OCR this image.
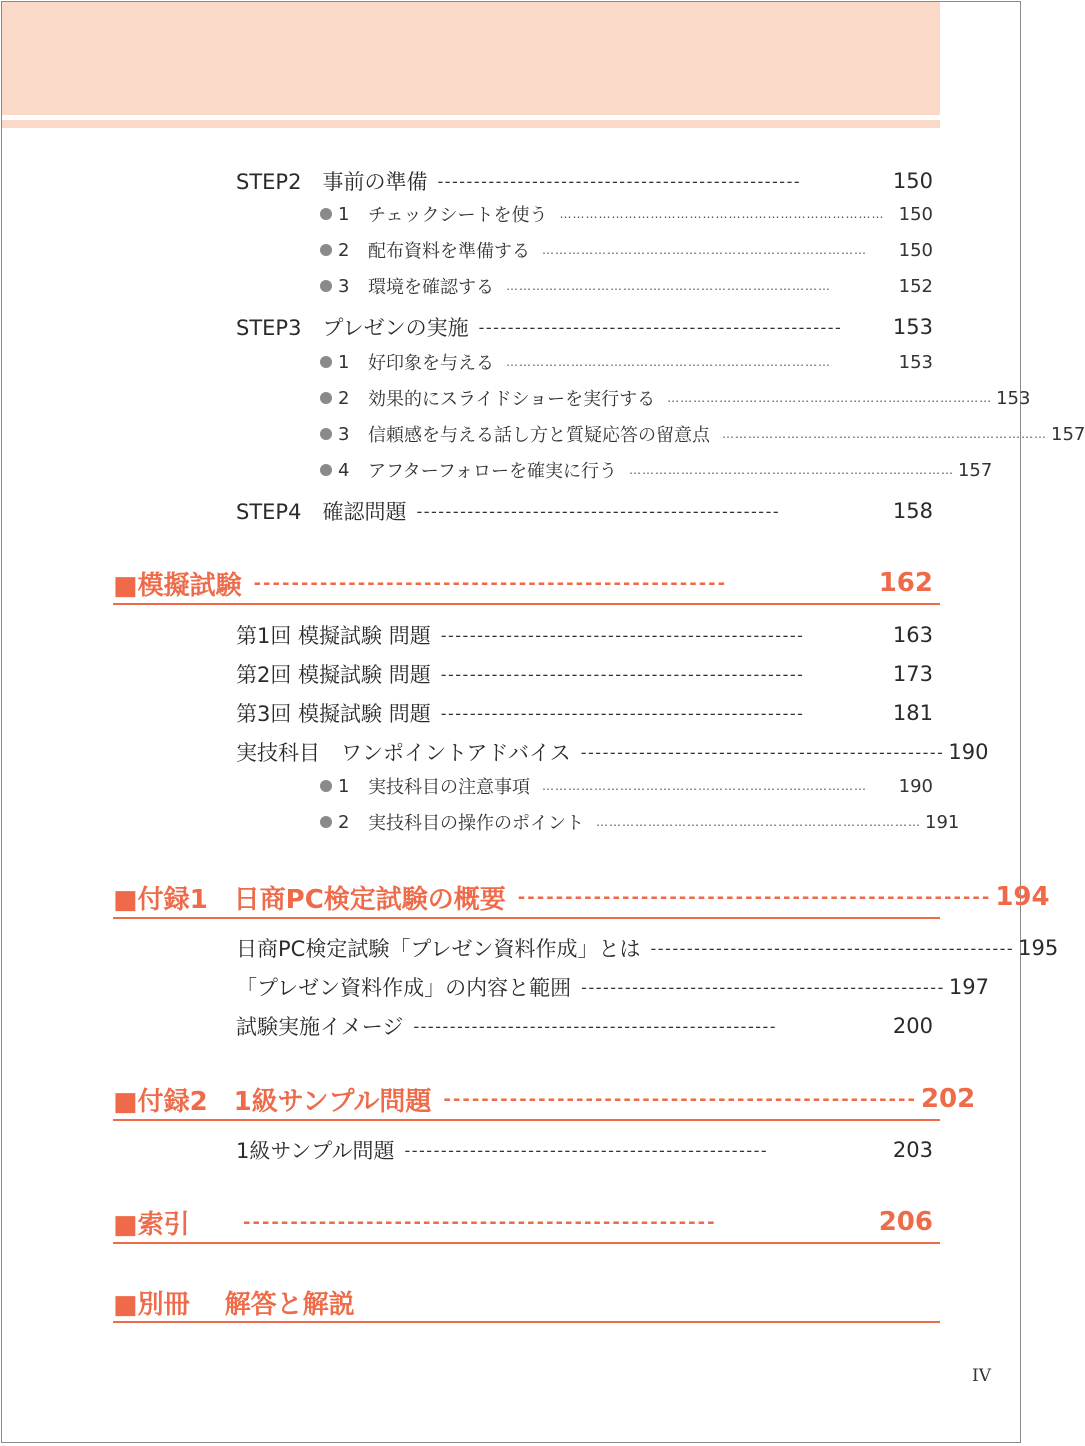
STEP2　事前の準備 --------------------------------------------------	150
1	チェックシートを使う ………………………………………………………………… 150
2	配布資料を準備する …………………………………………………………………	150
3	環境を確認する …………………………………………………………………	152
STEP3　プレゼンの実施 --------------------------------------------------	153
1	好印象を与える …………………………………………………………………	153
2	効果的にスライドショーを実行する ………………………………………………………………… 153
3	信頼感を与える話し方と質疑応答の留意点 ………………………………………………………………… 157
4	アフターフォローを確実に行う ………………………………………………………………… 157
STEP4　確認問題 --------------------------------------------------	158
■模擬試験 --------------------------------------------------	162
第1回 模擬試験 問題 --------------------------------------------------	163
第2回 模擬試験 問題 --------------------------------------------------	173
第3回 模擬試験 問題 --------------------------------------------------	181
実技科目　ワンポイントアドバイス -------------------------------------------------- 190
1	実技科目の注意事項 …………………………………………………………………	190
2	実技科目の操作のポイント ………………………………………………………………… 191
■付録1　日商PC検定試験の概要 -------------------------------------------------- 194
日商PC検定試験「プレゼン資料作成」とは -------------------------------------------------- 195
「プレゼン資料作成」の内容と範囲 -------------------------------------------------- 197
試験実施イメージ --------------------------------------------------	200
■付録2　1級サンプル問題 -------------------------------------------------- 202
1級サンプル問題 --------------------------------------------------	203
■索引	--------------------------------------------------	206
■別冊　 解答と解説
IV
